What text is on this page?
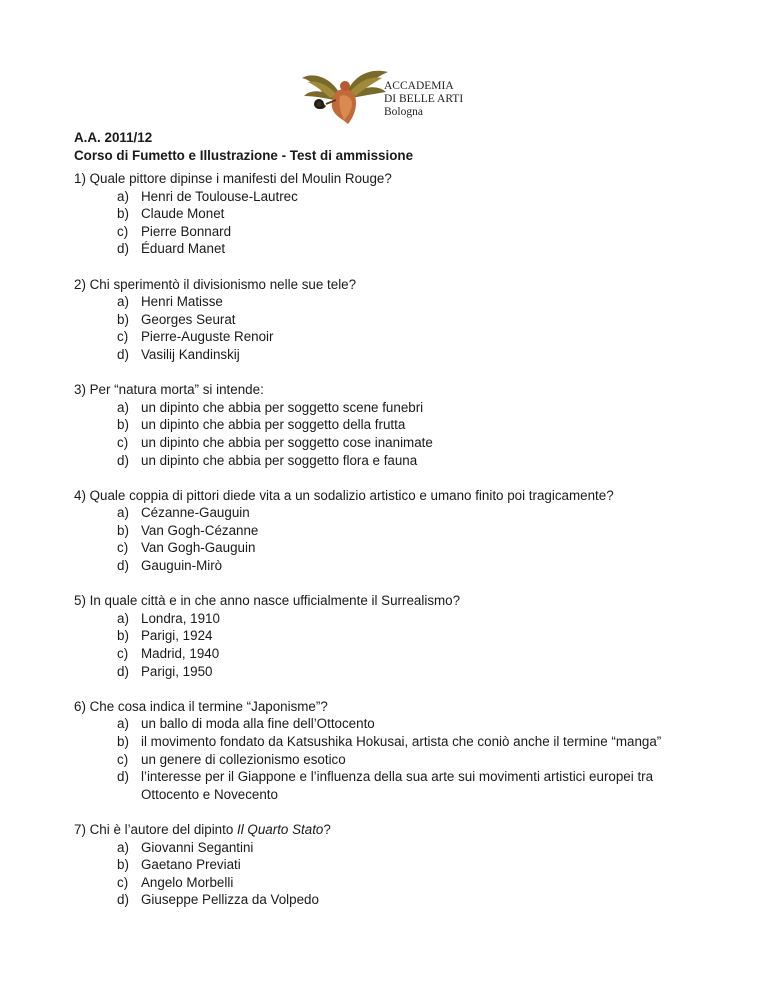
ACCADEMIA
DI BELLE ARTI
Bologna
A.A. 2011/12
Corso di Fumetto e Illustrazione - Test di ammissione
1) Quale pittore dipinse i manifesti del Moulin Rouge?
a) Henri de Toulouse-Lautrec
b) Claude Monet
c) Pierre Bonnard
d) Éduard Manet
2) Chi sperimentò il divisionismo nelle sue tele?
a) Henri Matisse
b) Georges Seurat
c) Pierre-Auguste Renoir
d) Vasilij Kandinskij
3) Per “natura morta” si intende:
a) un dipinto che abbia per soggetto scene funebri
b) un dipinto che abbia per soggetto della frutta
c) un dipinto che abbia per soggetto cose inanimate
d) un dipinto che abbia per soggetto flora e fauna
4) Quale coppia di pittori diede vita a un sodalizio artistico e umano finito poi tragicamente?
a) Cézanne-Gauguin
b) Van Gogh-Cézanne
c) Van Gogh-Gauguin
d) Gauguin-Mirò
5) In quale città e in che anno nasce ufficialmente il Surrealismo?
a) Londra, 1910
b) Parigi, 1924
c) Madrid, 1940
d) Parigi, 1950
6) Che cosa indica il termine “Japonisme”?
a) un ballo di moda alla fine dell’Ottocento
b) il movimento fondato da Katsushika Hokusai, artista che coniò anche il termine “manga”
c) un genere di collezionismo esotico
d) l’interesse per il Giappone e l’influenza della sua arte sui movimenti artistici europei tra Ottocento e Novecento
7) Chi è l’autore del dipinto Il Quarto Stato?
a) Giovanni Segantini
b) Gaetano Previati
c) Angelo Morbelli
d) Giuseppe Pellizza da Volpedo
